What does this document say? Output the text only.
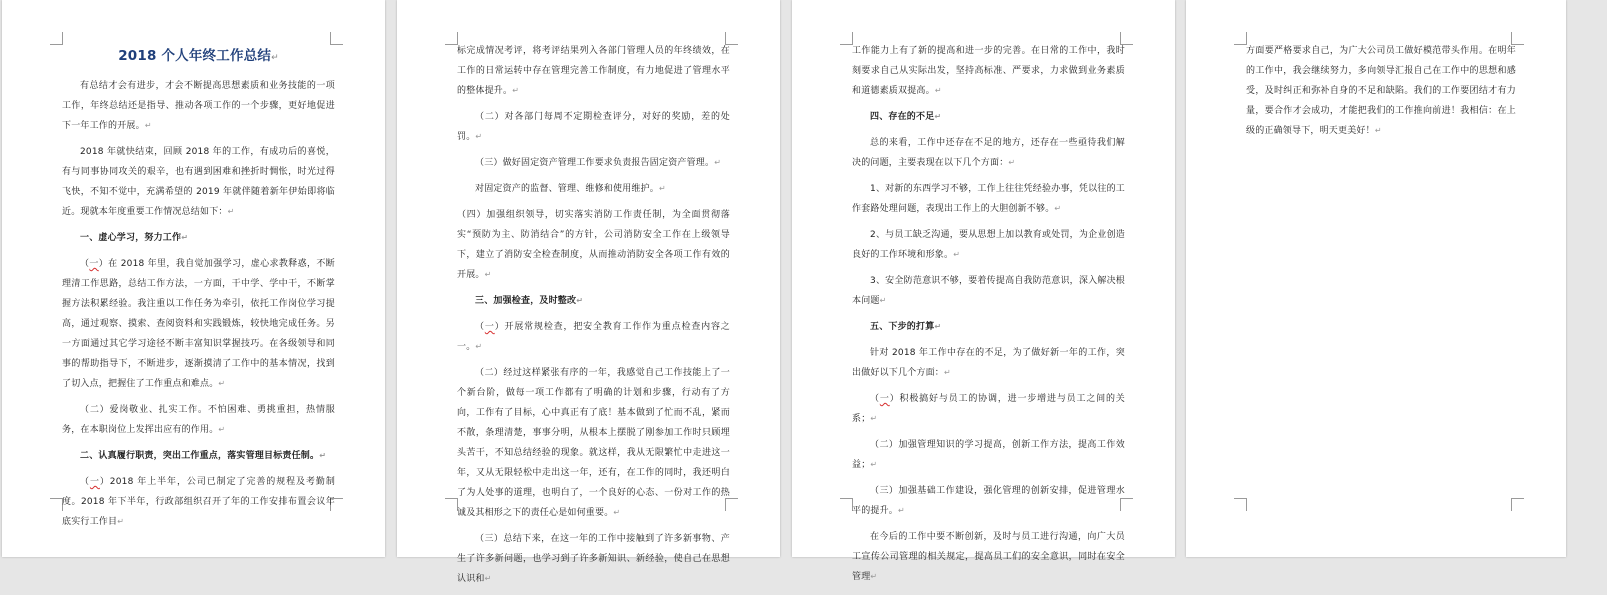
2018 个人年终工作总结↵

有总结才会有进步，才会不断提高思想素质和业务技能的一项工作，年终总结还是指导、推动各项工作的一个步骤，更好地促进下一年工作的开展。↵

2018 年就快结束，回顾 2018 年的工作，有成功后的喜悦，有与同事协同攻关的艰辛，也有遇到困难和挫折时惆怅，时光过得飞快，不知不觉中，充满希望的 2019 年就伴随着新年伊始即将临近。现就本年度重要工作情况总结如下：↵

一、虚心学习，努力工作↵

（一）在 2018 年里，我自觉加强学习，虚心求教释惑，不断理清工作思路，总结工作方法，一方面，干中学、学中干，不断掌握方法积累经验。我注重以工作任务为牵引，依托工作岗位学习提高，通过观察、摸索、查阅资料和实践锻炼，较快地完成任务。另一方面通过其它学习途径不断丰富知识掌握技巧。在各级领导和同事的帮助指导下，不断进步，逐渐摸清了工作中的基本情况，找到了切入点，把握住了工作重点和难点。↵

（二）爱岗敬业、扎实工作。不怕困难、勇挑重担，热情服务，在本职岗位上发挥出应有的作用。↵

二、认真履行职责，突出工作重点，落实管理目标责任制。↵

（一）2018 年上半年，公司已制定了完善的规程及考勤制度。2018 年下半年，行政部组织召开了年的工作安排布置会议年底实行工作目↵

标完成情况考评，将考评结果列入各部门管理人员的年终绩效，在工作的日常运转中存在管理完善工作制度，有力地促进了管理水平的整体提升。↵

（二）对各部门每周不定期检查评分，对好的奖励，差的处罚。↵

（三）做好固定资产管理工作要求负责报告固定资产管理。↵

对固定资产的监督、管理、维修和使用维护。↵

（四）加强组织领导，切实落实消防工作责任制，为全面贯彻落实“预防为主、防消结合”的方针，公司消防安全工作在上级领导下，建立了消防安全检查制度，从而推动消防安全各项工作有效的开展。↵

三、加强检查，及时整改↵

（一）开展常规检查，把安全教育工作作为重点检查内容之一。↵

（二）经过这样紧张有序的一年，我感觉自己工作技能上了一个新台阶，做每一项工作都有了明确的计划和步骤，行动有了方向，工作有了目标，心中真正有了底！基本做到了忙而不乱，紧而不散，条理清楚，事事分明，从根本上摆脱了刚参加工作时只顾埋头苦干，不知总结经验的现象。就这样，我从无限繁忙中走进这一年，又从无限轻松中走出这一年，还有，在工作的同时，我还明白了为人处事的道理，也明白了，一个良好的心态、一份对工作的热诚及其相形之下的责任心是如何重要。↵

（三）总结下来，在这一年的工作中接触到了许多新事物、产生了许多新问题，也学习到了许多新知识、新经验，使自己在思想认识和↵

工作能力上有了新的提高和进一步的完善。在日常的工作中，我时刻要求自己从实际出发，坚持高标准、严要求，力求做到业务素质和道德素质双提高。↵

四、存在的不足↵

总的来看，工作中还存在不足的地方，还存在一些亟待我们解决的问题，主要表现在以下几个方面：↵

1、对新的东西学习不够，工作上往往凭经验办事，凭以往的工作套路处理问题，表现出工作上的大胆创新不够。↵

2、与员工缺乏沟通，要从思想上加以教育或处罚，为企业创造良好的工作环境和形象。↵

3、安全防范意识不够，要着传提高自我防范意识，深入解决根本问题↵

五、下步的打算↵

针对 2018 年工作中存在的不足，为了做好新一年的工作，突出做好以下几个方面：↵

（一）积极搞好与员工的协调，进一步增进与员工之间的关系；↵

（二）加强管理知识的学习提高，创新工作方法，提高工作效益；↵

（三）加强基础工作建设，强化管理的创新安排，促进管理水平的提升。↵

在今后的工作中要不断创新，及时与员工进行沟通，向广大员工宣传公司管理的相关规定，提高员工们的安全意识，同时在安全管理↵

方面要严格要求自己，为广大公司员工做好模范带头作用。在明年的工作中，我会继续努力，多向领导汇报自己在工作中的思想和感受，及时纠正和弥补自身的不足和缺陷。我们的工作要团结才有力量，要合作才会成功，才能把我们的工作推向前进！我相信：在上级的正确领导下，明天更美好！↵
